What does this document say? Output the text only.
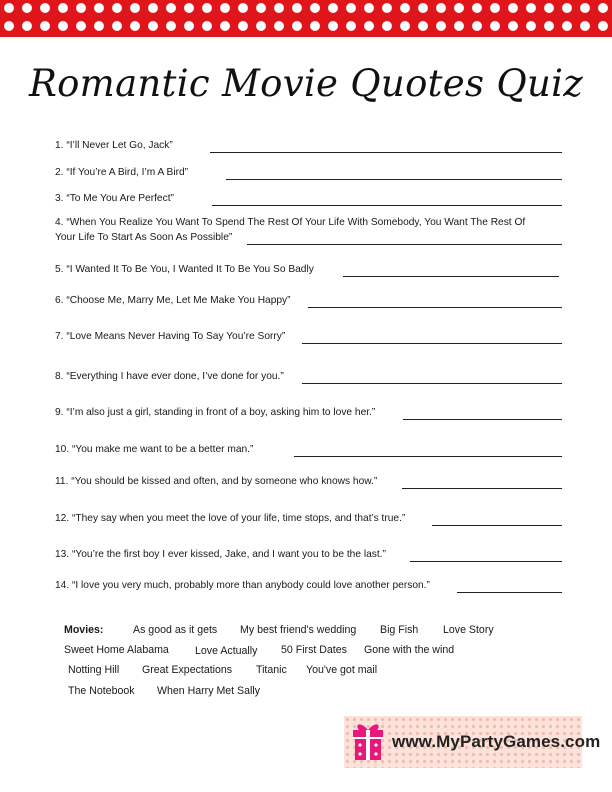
Romantic Movie Quotes Quiz
1. “I’ll Never Let Go, Jack”
2. “If You’re A Bird, I’m A Bird”
3. “To Me You Are Perfect”
4. “When You Realize You Want To Spend The Rest Of Your Life With Somebody, You Want The Rest Of
Your Life To Start As Soon As Possible”
5. “I Wanted It To Be You, I Wanted It To Be You So Badly
6. “Choose Me, Marry Me, Let Me Make You Happy”
7. “Love Means Never Having To Say You’re Sorry”
8. “Everything I have ever done, I’ve done for you.”
9. “I’m also just a girl, standing in front of a boy, asking him to love her.”
10. “You make me want to be a better man.”
11. “You should be kissed and often, and by someone who knows how.”
12. “They say when you meet the love of your life, time stops, and that’s true.”
13. “You’re the first boy I ever kissed, Jake, and I want you to be the last.”
14. “I love you very much, probably more than anybody could love another person.”
Movies:	As good as it gets My best friend's wedding Big Fish Love Story
Sweet Home Alabama Love Actually 50 First Dates Gone with the wind
Notting Hill Great Expectations Titanic You've got mail
The Notebook When Harry Met Sally
www.MyPartyGames.com
